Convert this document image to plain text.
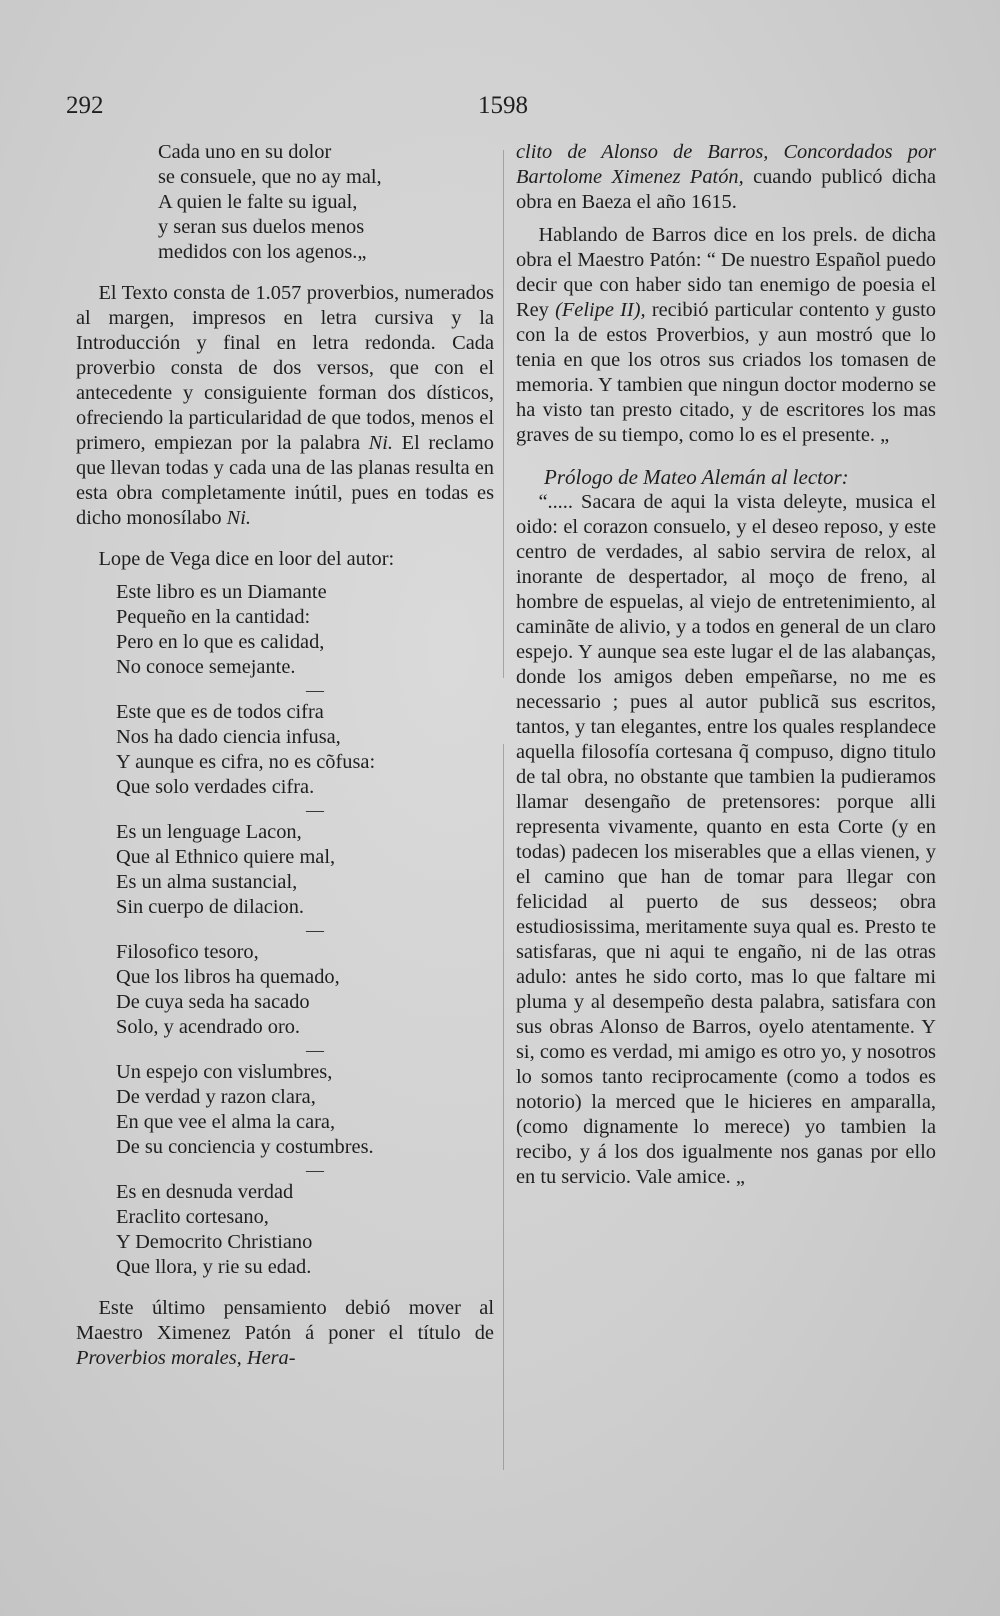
292	1598
Cada uno en su dolor
se consuele, que no ay mal,
A quien le falte su igual,
y seran sus duelos menos
medidos con los agenos.„

El Texto consta de 1.057 proverbios, numerados al margen, impresos en letra cursiva y la Introducción y final en letra redonda. Cada proverbio consta de dos versos, que con el antecedente y consiguiente forman dos dísticos, ofreciendo la particularidad de que todos, menos el primero, empiezan por la palabra Ni. El reclamo que llevan todas y cada una de las planas resulta en esta obra completamente inútil, pues en todas es dicho monosílabo Ni.

Lope de Vega dice en loor del autor:

Este libro es un Diamante
Pequeño en la cantidad:
Pero en lo que es calidad,
No conoce semejante.
—
Este que es de todos cifra
Nos ha dado ciencia infusa,
Y aunque es cifra, no es cõfusa:
Que solo verdades cifra.
—
Es un lenguage Lacon,
Que al Ethnico quiere mal,
Es un alma sustancial,
Sin cuerpo de dilacion.
—
Filosofico tesoro,
Que los libros ha quemado,
De cuya seda ha sacado
Solo, y acendrado oro.
—
Un espejo con vislumbres,
De verdad y razon clara,
En que vee el alma la cara,
De su conciencia y costumbres.
—
Es en desnuda verdad
Eraclito cortesano,
Y Democrito Christiano
Que llora, y rie su edad.

Este último pensamiento debió mover al Maestro Ximenez Patón á poner el título de Proverbios morales, Hera-

clito de Alonso de Barros, Concordados por Bartolome Ximenez Patón, cuando publicó dicha obra en Baeza el año 1615.

Hablando de Barros dice en los prels. de dicha obra el Maestro Patón: “ De nuestro Español puedo decir que con haber sido tan enemigo de poesia el Rey (Felipe II), recibió particular contento y gusto con la de estos Proverbios, y aun mostró que lo tenia en que los otros sus criados los tomasen de memoria. Y tambien que ningun doctor moderno se ha visto tan presto citado, y de escritores los mas graves de su tiempo, como lo es el presente. „

Prólogo de Mateo Alemán al lector:

“..... Sacara de aqui la vista deleyte, musica el oido: el corazon consuelo, y el deseo reposo, y este centro de verdades, al sabio servira de relox, al inorante de despertador, al moço de freno, al hombre de espuelas, al viejo de entretenimiento, al caminãte de alivio, y a todos en general de un claro espejo. Y aunque sea este lugar el de las alabanças, donde los amigos deben empeñarse, no me es necessario ; pues al autor publicã sus escritos, tantos, y tan elegantes, entre los quales resplandece aquella filosofía cortesana q̃ compuso, digno titulo de tal obra, no obstante que tambien la pudieramos llamar desengaño de pretensores: porque alli representa vivamente, quanto en esta Corte (y en todas) padecen los miserables que a ellas vienen, y el camino que han de tomar para llegar con felicidad al puerto de sus desseos; obra estudiosissima, meritamente suya qual es. Presto te satisfaras, que ni aqui te engaño, ni de las otras adulo: antes he sido corto, mas lo que faltare mi pluma y al desempeño desta palabra, satisfara con sus obras Alonso de Barros, oyelo atentamente. Y si, como es verdad, mi amigo es otro yo, y nosotros lo somos tanto reciprocamente (como a todos es notorio) la merced que le hicieres en amparalla, (como dignamente lo merece) yo tambien la recibo, y á los dos igualmente nos ganas por ello en tu servicio. Vale amice. „
